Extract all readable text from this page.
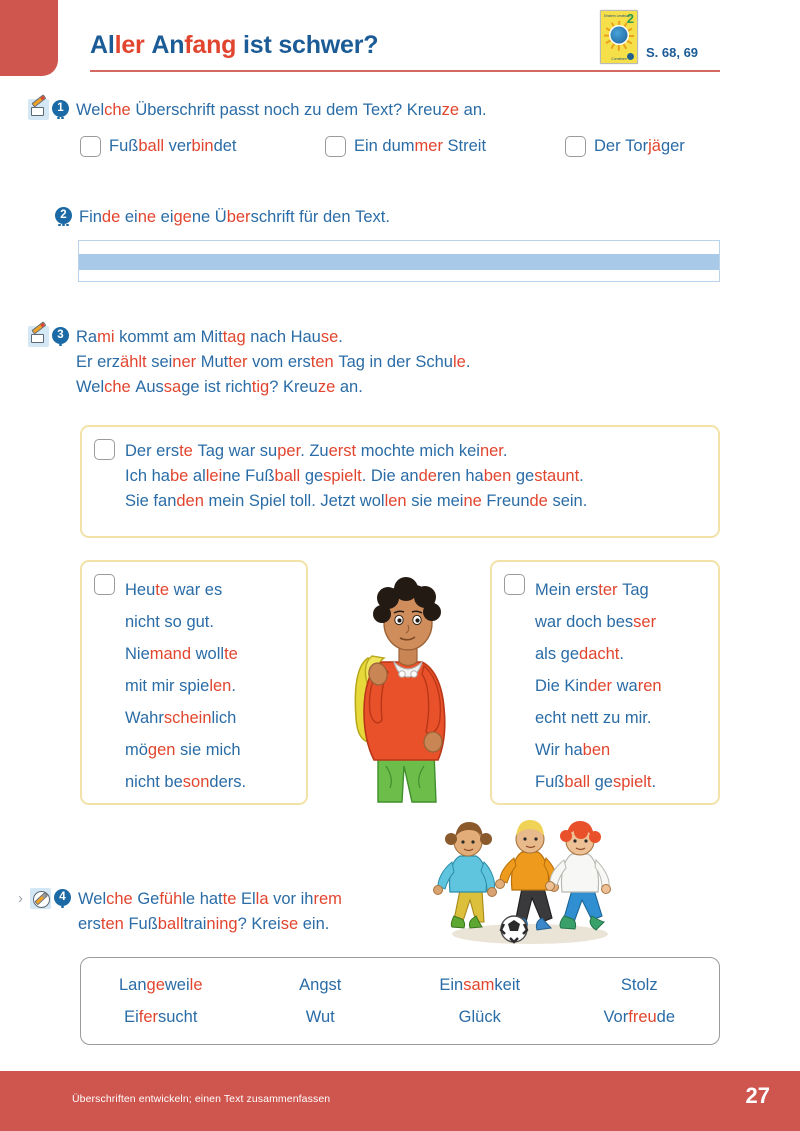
Aller Anfang ist schwer?
Einstern Lesebuch
2
Cornelsen	S. 68, 69
1 Welche Überschrift passt noch zu dem Text? Kreuze an.
Fußball verbindet	Ein dummer Streit	Der Torjäger
2 Finde eine eigene Überschrift für den Text.
3 Rami kommt am Mittag nach Hause.
Er erzählt seiner Mutter vom ersten Tag in der Schule.
Welche Aussage ist richtig? Kreuze an.
Der erste Tag war super. Zuerst mochte mich keiner.
Ich habe alleine Fußball gespielt. Die anderen haben gestaunt.
Sie fanden mein Spiel toll. Jetzt wollen sie meine Freunde sein.
Heute war es
nicht so gut.
Niemand wollte
mit mir spielen.
Wahrscheinlich
mögen sie mich
nicht besonders.
Mein erster Tag
war doch besser
als gedacht.
Die Kinder waren
echt nett zu mir.
Wir haben
Fußball gespielt.
›	4 Welche Gefühle hatte Ella vor ihrem
ersten Fußballtraining? Kreise ein.
Langeweile	Angst	Einsamkeit	Stolz
Eifersucht	Wut	Glück	Vorfreude
Überschriften entwickeln; einen Text zusammenfassen	27
